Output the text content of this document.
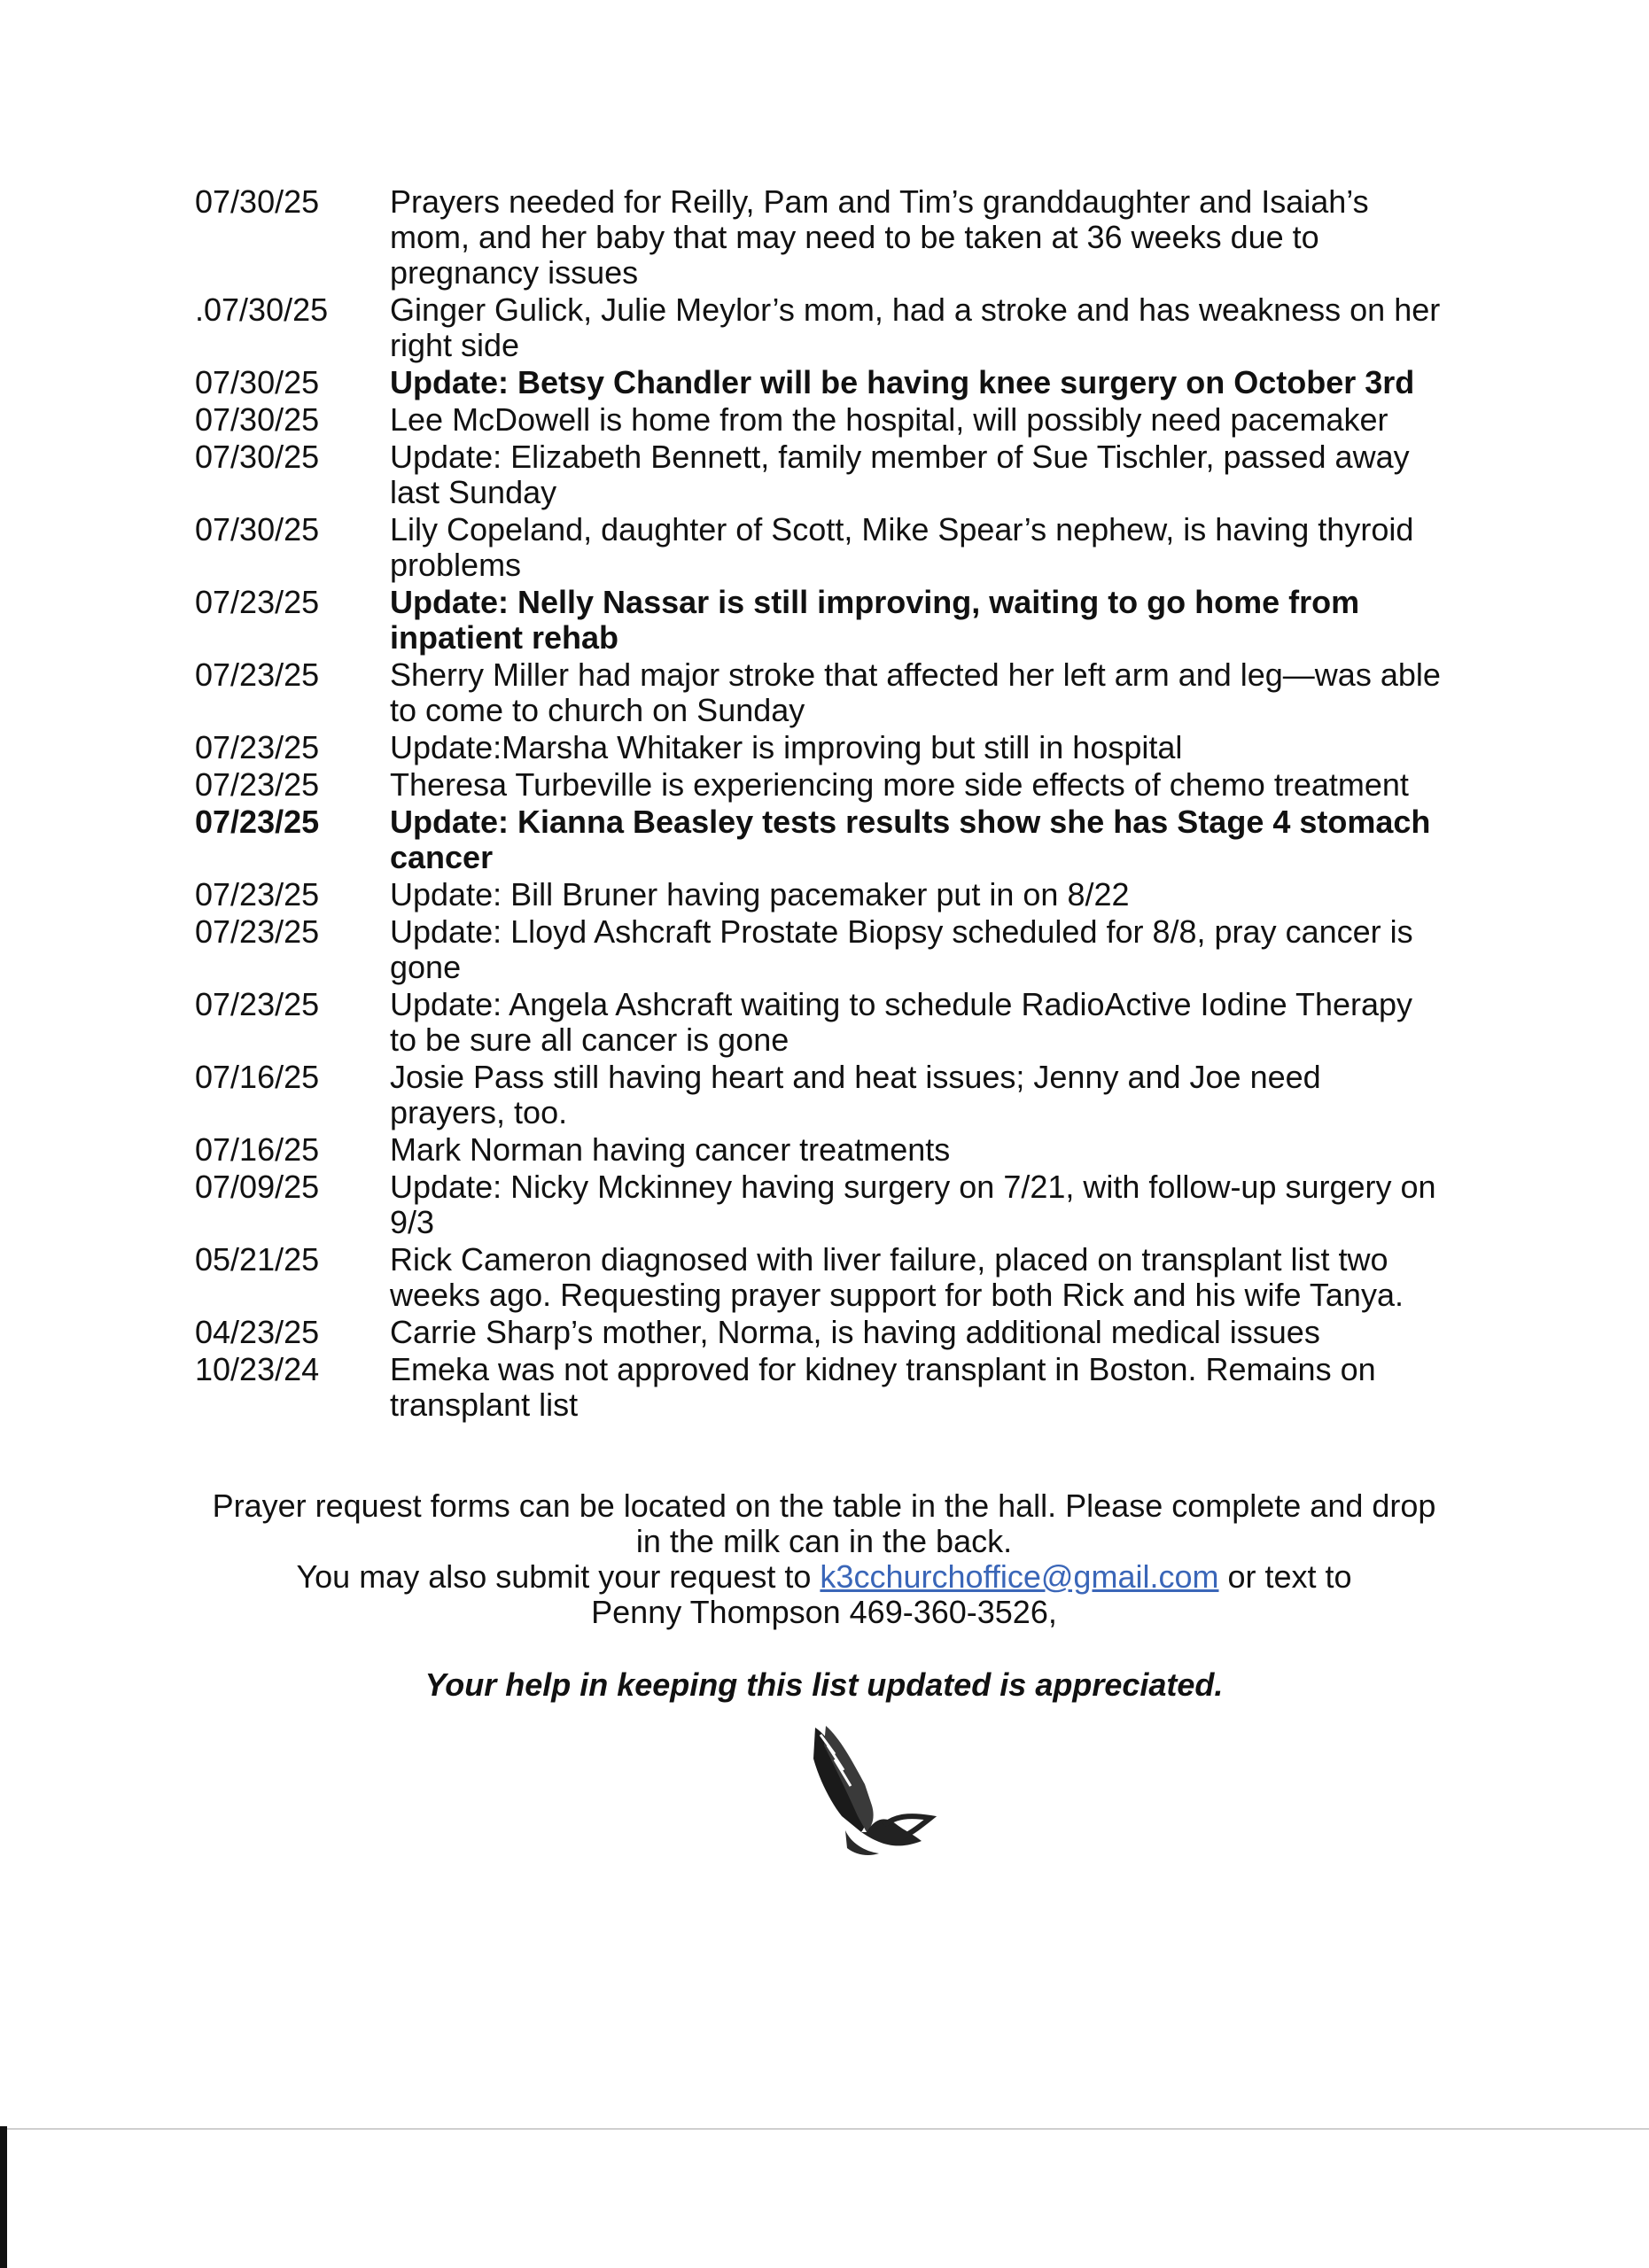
07/30/25	Prayers needed for Reilly, Pam and Tim’s granddaughter and Isaiah’s
mom, and her baby that may need to be taken at 36 weeks due to
pregnancy issues
.07/30/25	Ginger Gulick, Julie Meylor’s mom, had a stroke and has weakness on her
right side
07/30/25	Update: Betsy Chandler will be having knee surgery on October 3rd
07/30/25	Lee McDowell is home from the hospital, will possibly need pacemaker
07/30/25	Update: Elizabeth Bennett, family member of Sue Tischler, passed away
last Sunday
07/30/25	Lily Copeland, daughter of Scott, Mike Spear’s nephew, is having thyroid
problems
07/23/25	Update: Nelly Nassar is still improving, waiting to go home from
inpatient rehab
07/23/25	Sherry Miller had major stroke that affected her left arm and leg—was able
to come to church on Sunday
07/23/25	Update:Marsha Whitaker is improving but still in hospital
07/23/25	Theresa Turbeville is experiencing more side effects of chemo treatment
07/23/25	Update: Kianna Beasley tests results show she has Stage 4 stomach
cancer
07/23/25	Update: Bill Bruner having pacemaker put in on 8/22
07/23/25	Update: Lloyd Ashcraft Prostate Biopsy scheduled for 8/8, pray cancer is
gone
07/23/25	Update: Angela Ashcraft waiting to schedule RadioActive Iodine Therapy
to be sure all cancer is gone
07/16/25	Josie Pass still having heart and heat issues; Jenny and Joe need
prayers, too.
07/16/25	Mark Norman having cancer treatments
07/09/25	Update: Nicky Mckinney having surgery on 7/21, with follow-up surgery on
9/3
05/21/25	Rick Cameron diagnosed with liver failure, placed on transplant list two
weeks ago. Requesting prayer support for both Rick and his wife Tanya.
04/23/25	Carrie Sharp’s mother, Norma, is having additional medical issues
10/23/24	Emeka was not approved for kidney transplant in Boston. Remains on
transplant list

Prayer request forms can be located on the table in the hall. Please complete and drop
in the milk can in the back.

You may also submit your request to k3cchurchoffice@gmail.com or text to
Penny Thompson 469-360-3526,

Your help in keeping this list updated is appreciated.
